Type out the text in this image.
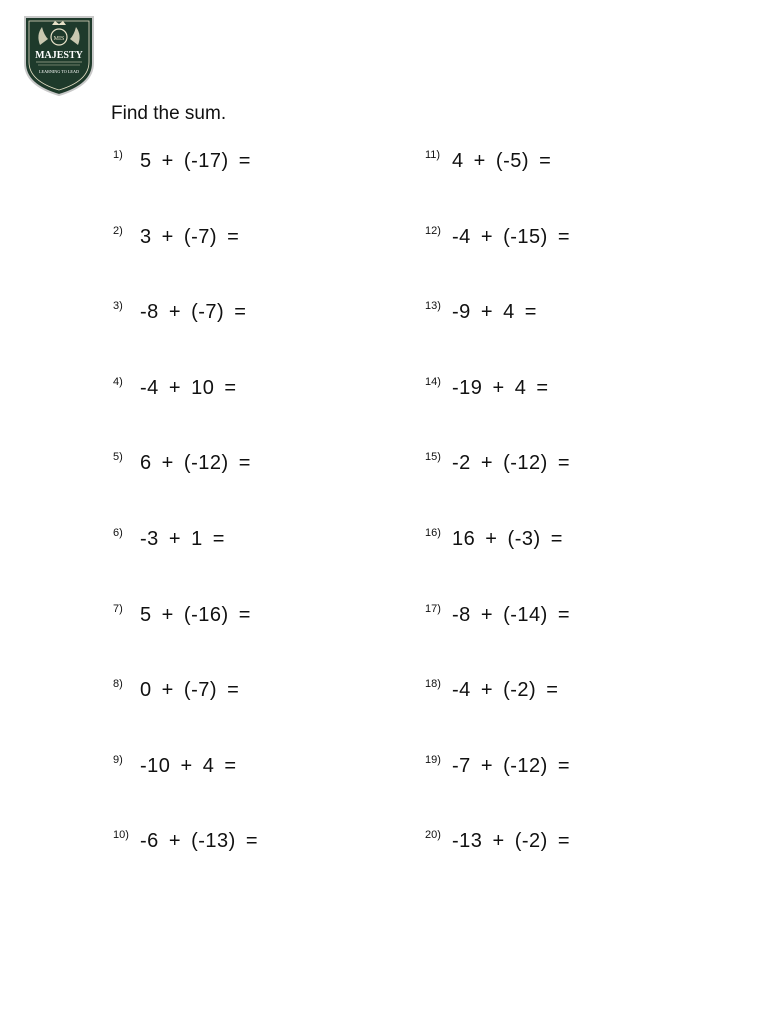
MIS
MAJESTY
LEARNING TO LEAD
Find the sum.
1) 5 + (-17) =
2) 3 + (-7) =
3) -8 + (-7) =
4) -4 + 10 =
5) 6 + (-12) =
6) -3 + 1 =
7) 5 + (-16) =
8) 0 + (-7) =
9) -10 + 4 =
10) -6 + (-13) =
11) 4 + (-5) =
12) -4 + (-15) =
13) -9 + 4 =
14) -19 + 4 =
15) -2 + (-12) =
16) 16 + (-3) =
17) -8 + (-14) =
18) -4 + (-2) =
19) -7 + (-12) =
20) -13 + (-2) =
